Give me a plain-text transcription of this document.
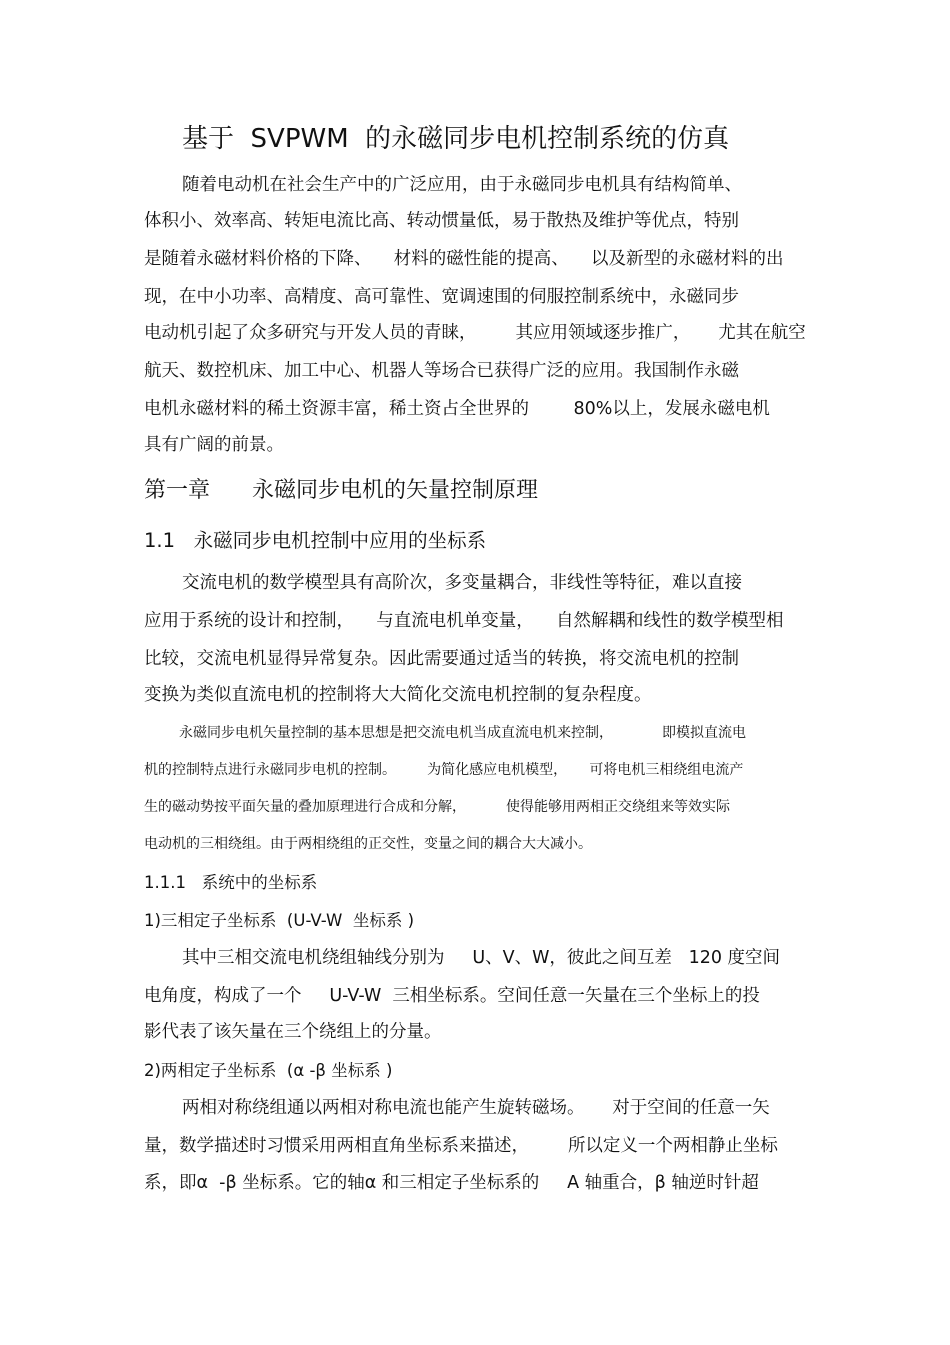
基于  SVPWM  的永磁同步电机控制系统的仿真
随着电动机在社会生产中的广泛应用，由于永磁同步电机具有结构简单、
体积小、效率高、转矩电流比高、转动惯量低，易于散热及维护等优点，特别
是随着永磁材料价格的下降、    材料的磁性能的提高、    以及新型的永磁材料的出
现，在中小功率、高精度、高可靠性、宽调速围的伺服控制系统中，永磁同步
电动机引起了众多研究与开发人员的青睐，       其应用领域逐步推广，     尤其在航空
航天、数控机床、加工中心、机器人等场合已获得广泛的应用。我国制作永磁
电机永磁材料的稀土资源丰富，稀土资占全世界的        80%以上，发展永磁电机
具有广阔的前景。
第一章      永磁同步电机的矢量控制原理
1.1   永磁同步电机控制中应用的坐标系
交流电机的数学模型具有高阶次，多变量耦合，非线性等特征，难以直接
应用于系统的设计和控制，    与直流电机单变量，    自然解耦和线性的数学模型相
比较，交流电机显得异常复杂。因此需要通过适当的转换，将交流电机的控制
变换为类似直流电机的控制将大大简化交流电机控制的复杂程度。
永磁同步电机矢量控制的基本思想是把交流电机当成直流电机来控制，           即模拟直流电
机的控制特点进行永磁同步电机的控制。       为简化感应电机模型，     可将电机三相绕组电流产
生的磁动势按平面矢量的叠加原理进行合成和分解，         使得能够用两相正交绕组来等效实际
电动机的三相绕组。由于两相绕组的正交性，变量之间的耦合大大减小。
1.1.1   系统中的坐标系
1)三相定子坐标系  (U-V-W  坐标系 )
其中三相交流电机绕组轴线分别为     U、V、W，彼此之间互差   120 度空间
电角度，构成了一个     U-V-W  三相坐标系。空间任意一矢量在三个坐标上的投
影代表了该矢量在三个绕组上的分量。
2)两相定子坐标系  (α -β 坐标系 )
两相对称绕组通以两相对称电流也能产生旋转磁场。     对于空间的任意一矢
量，数学描述时习惯采用两相直角坐标系来描述，       所以定义一个两相静止坐标
系，即α  -β 坐标系。它的轴α 和三相定子坐标系的     A 轴重合，β 轴逆时针超
